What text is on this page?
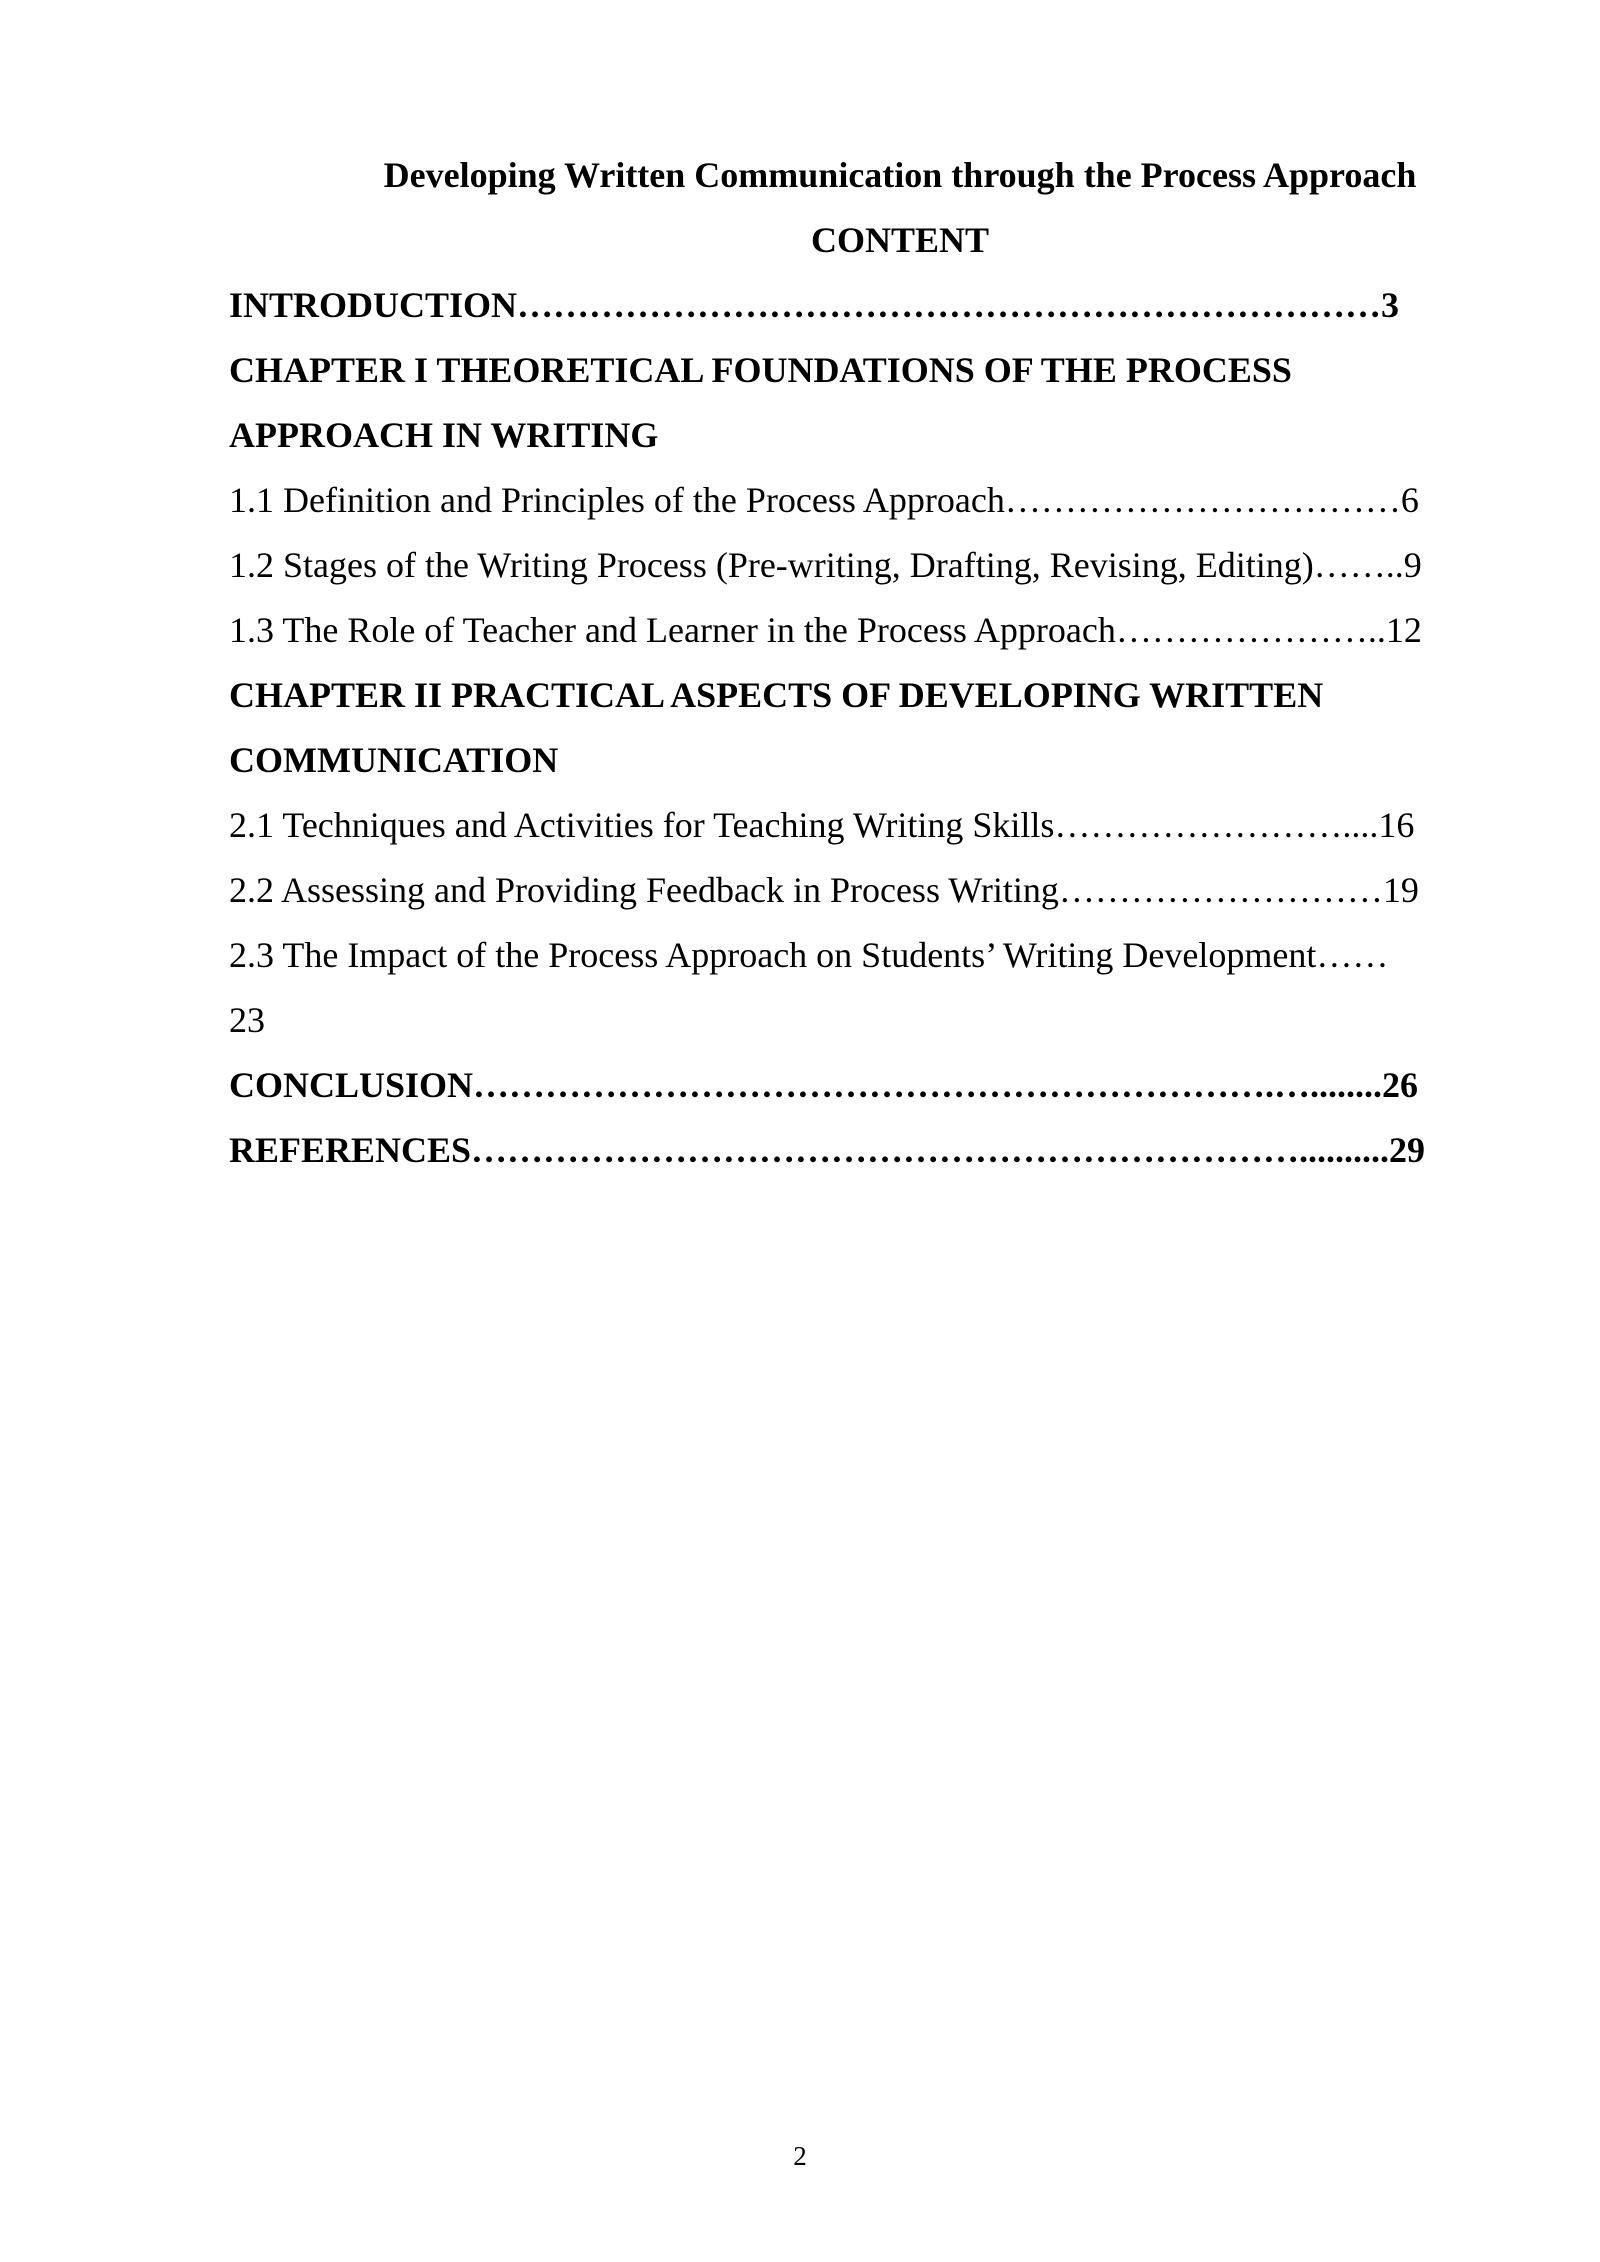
Developing Written Communication through the Process Approach

CONTENT

INTRODUCTION………………………………………………………………3

CHAPTER I THEORETICAL FOUNDATIONS OF THE PROCESS

APPROACH IN WRITING

1.1 Definition and Principles of the Process Approach……………………………6

1.2 Stages of the Writing Process (Pre-writing, Drafting, Revising, Editing)……..9

1.3 The Role of Teacher and Learner in the Process Approach…………………..12

CHAPTER II PRACTICAL ASPECTS OF DEVELOPING WRITTEN

COMMUNICATION

2.1 Techniques and Activities for Teaching Writing Skills……………………....16

2.2 Assessing and Providing Feedback in Process Writing………………………19

2.3 The Impact of the Process Approach on Students’ Writing Development……

23

CONCLUSION………………………………………………………….…........26

REFERENCES……………………………………………………………..........29

2
